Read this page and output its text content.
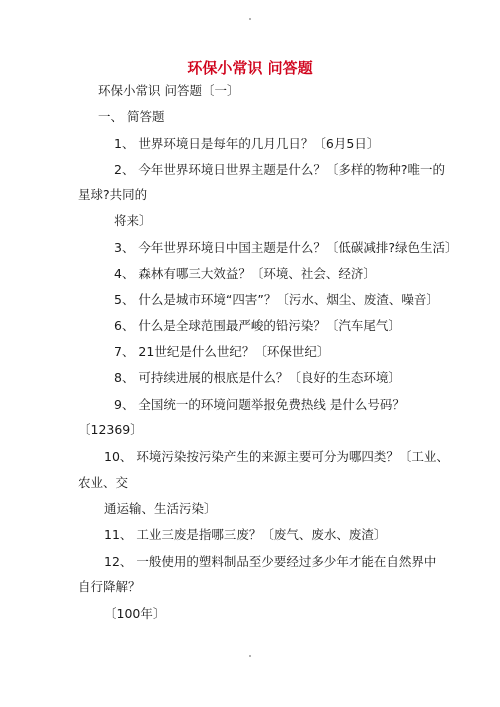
环保小常识 问答题
环保小常识 问答题〔一〕
一、 简答题
1、 世界环境日是每年的几月几日？〔6月5日〕
2、 今年世界环境日世界主题是什么？〔多样的物种?唯一的
星球?共同的
将来〕
3、 今年世界环境日中国主题是什么？〔低碳减排?绿色生活〕
4、 森林有哪三大效益？〔环境、社会、经济〕
5、 什么是城市环境“四害”？〔污水、烟尘、废渣、噪音〕
6、 什么是全球范围最严峻的铅污染？〔汽车尾气〕
7、 21世纪是什么世纪？〔环保世纪〕
8、 可持续进展的根底是什么？〔良好的生态环境〕
9、 全国统一的环境问题举报免费热线 是什么号码？
〔12369〕
10、 环境污染按污染产生的来源主要可分为哪四类？〔工业、
农业、交
通运输、生活污染〕
11、 工业三废是指哪三废？〔废气、废水、废渣〕
12、 一般使用的塑料制品至少要经过多少年才能在自然界中
自行降解？
〔100年〕
